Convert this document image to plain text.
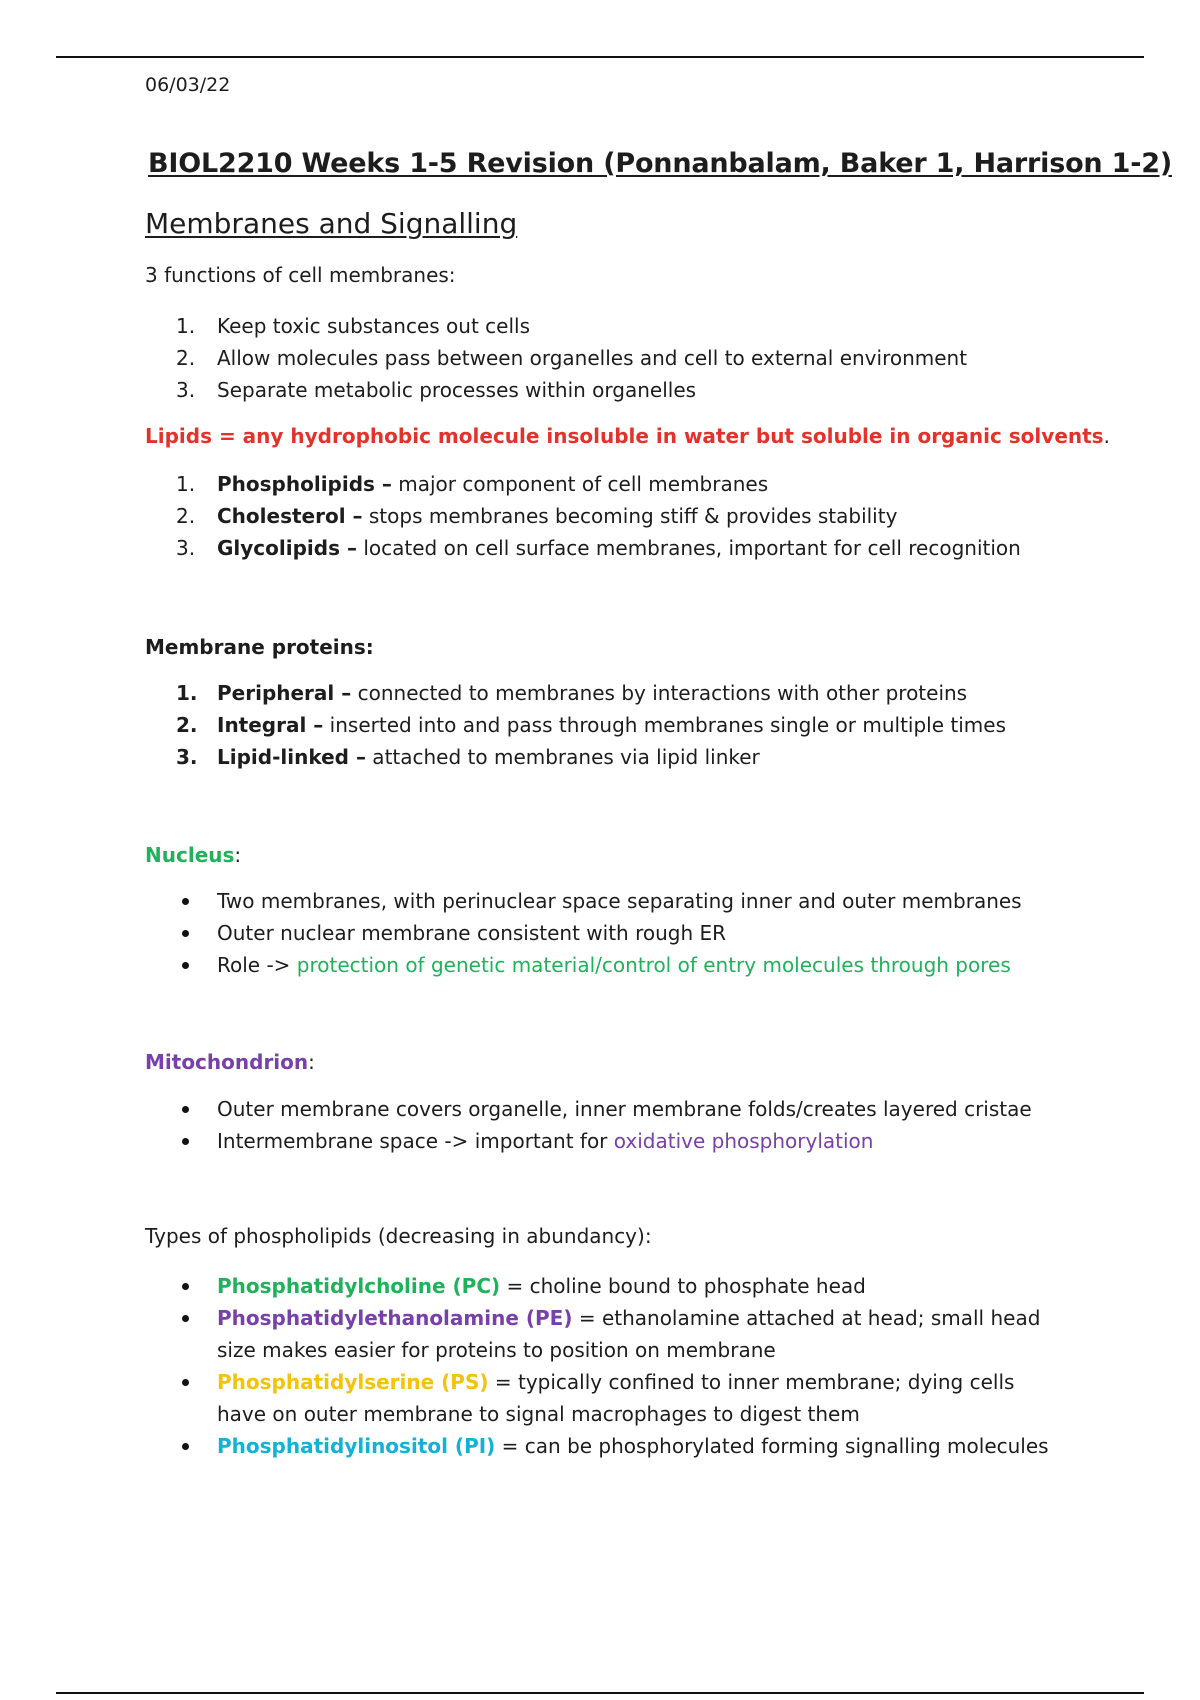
06/03/22
BIOL2210 Weeks 1-5 Revision (Ponnanbalam, Baker 1, Harrison 1-2)
Membranes and Signalling
3 functions of cell membranes:
1.	Keep toxic substances out cells
2.	Allow molecules pass between organelles and cell to external environment
3.	Separate metabolic processes within organelles
Lipids = any hydrophobic molecule insoluble in water but soluble in organic solvents.
1.	Phospholipids – major component of cell membranes
2.	Cholesterol – stops membranes becoming stiff & provides stability
3.	Glycolipids – located on cell surface membranes, important for cell recognition
Membrane proteins:
1. Peripheral – connected to membranes by interactions with other proteins
2. Integral – inserted into and pass through membranes single or multiple times
3. Lipid-linked – attached to membranes via lipid linker
Nucleus:
Two membranes, with perinuclear space separating inner and outer membranes
Outer nuclear membrane consistent with rough ER
Role -> protection of genetic material/control of entry molecules through pores
Mitochondrion:
Outer membrane covers organelle, inner membrane folds/creates layered cristae
Intermembrane space -> important for oxidative phosphorylation
Types of phospholipids (decreasing in abundancy):
Phosphatidylcholine (PC) = choline bound to phosphate head
Phosphatidylethanolamine (PE) = ethanolamine attached at head; small head size makes easier for proteins to position on membrane
Phosphatidylserine (PS) = typically confined to inner membrane; dying cells have on outer membrane to signal macrophages to digest them
Phosphatidylinositol (PI) = can be phosphorylated forming signalling molecules
